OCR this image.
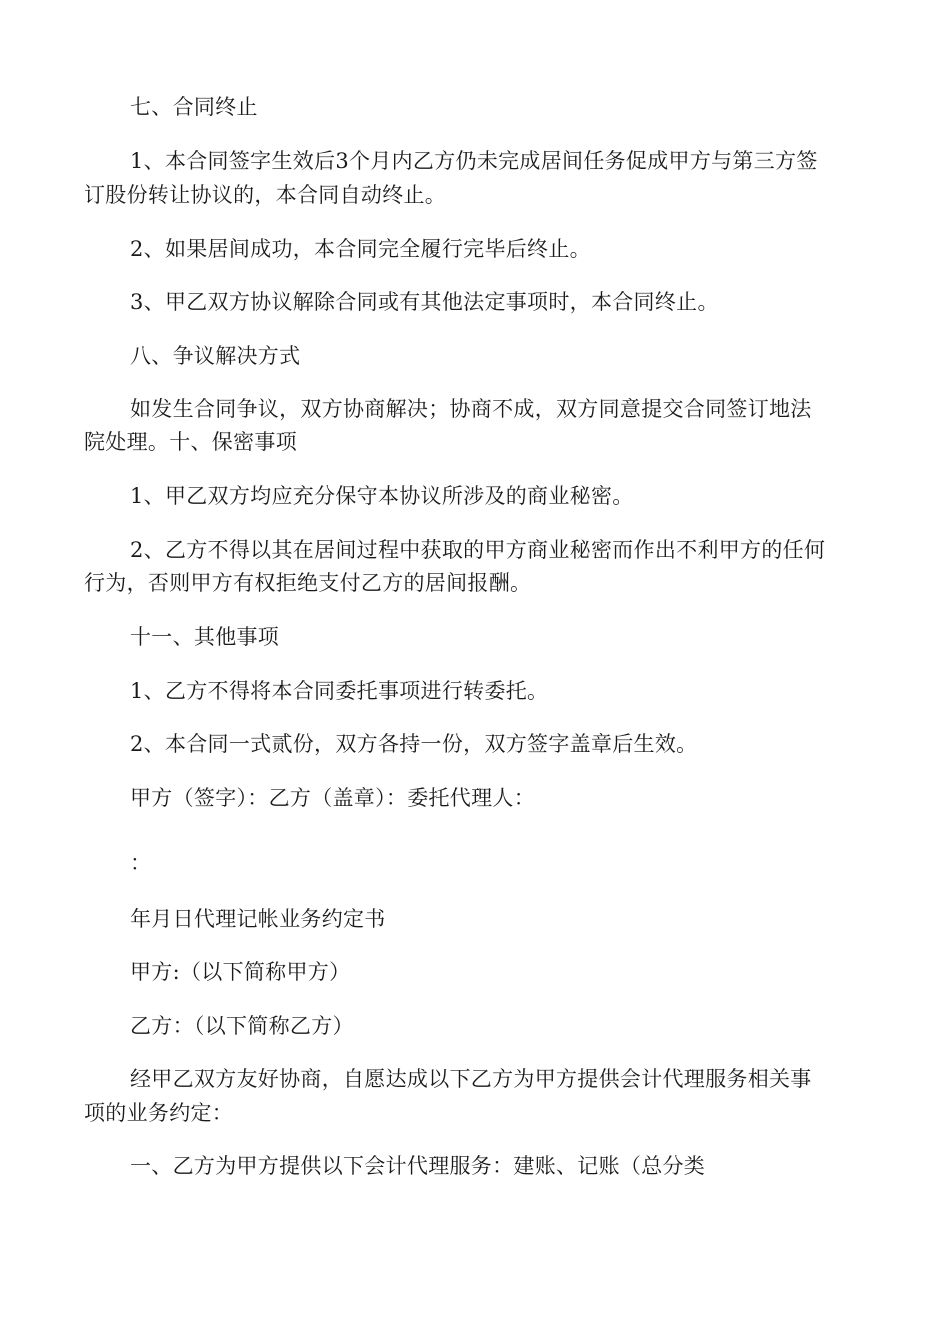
七、合同终止
1、本合同签字生效后3个月内乙方仍未完成居间任务促成甲方与第三方签
订股份转让协议的，本合同自动终止。
2、如果居间成功，本合同完全履行完毕后终止。
3、甲乙双方协议解除合同或有其他法定事项时，本合同终止。
八、争议解决方式
如发生合同争议，双方协商解决；协商不成，双方同意提交合同签订地法
院处理。十、保密事项
1、甲乙双方均应充分保守本协议所涉及的商业秘密。
2、乙方不得以其在居间过程中获取的甲方商业秘密而作出不利甲方的任何
行为，否则甲方有权拒绝支付乙方的居间报酬。
十一、其他事项
1、乙方不得将本合同委托事项进行转委托。
2、本合同一式贰份，双方各持一份，双方签字盖章后生效。
甲方（签字）：乙方（盖章）：委托代理人：
：
年月日代理记帐业务约定书
甲方:（以下简称甲方）
乙方：（以下简称乙方）
经甲乙双方友好协商，自愿达成以下乙方为甲方提供会计代理服务相关事
项的业务约定：
一、乙方为甲方提供以下会计代理服务：建账、记账（总分类
